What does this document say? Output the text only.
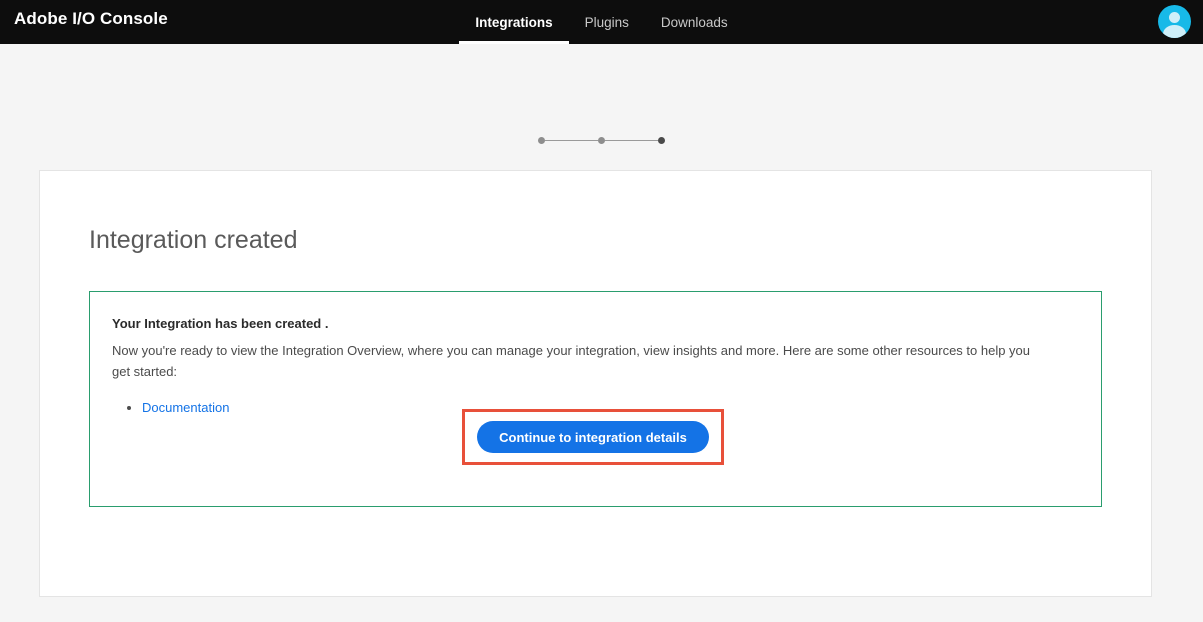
Adobe I/O Console	Integrations	Plugins	Downloads
Integration created

Your Integration has been created .

Now you're ready to view the Integration Overview, where you can manage your integration, view insights and more. Here are some other resources to help you get started:

• Documentation
Continue to integration details
